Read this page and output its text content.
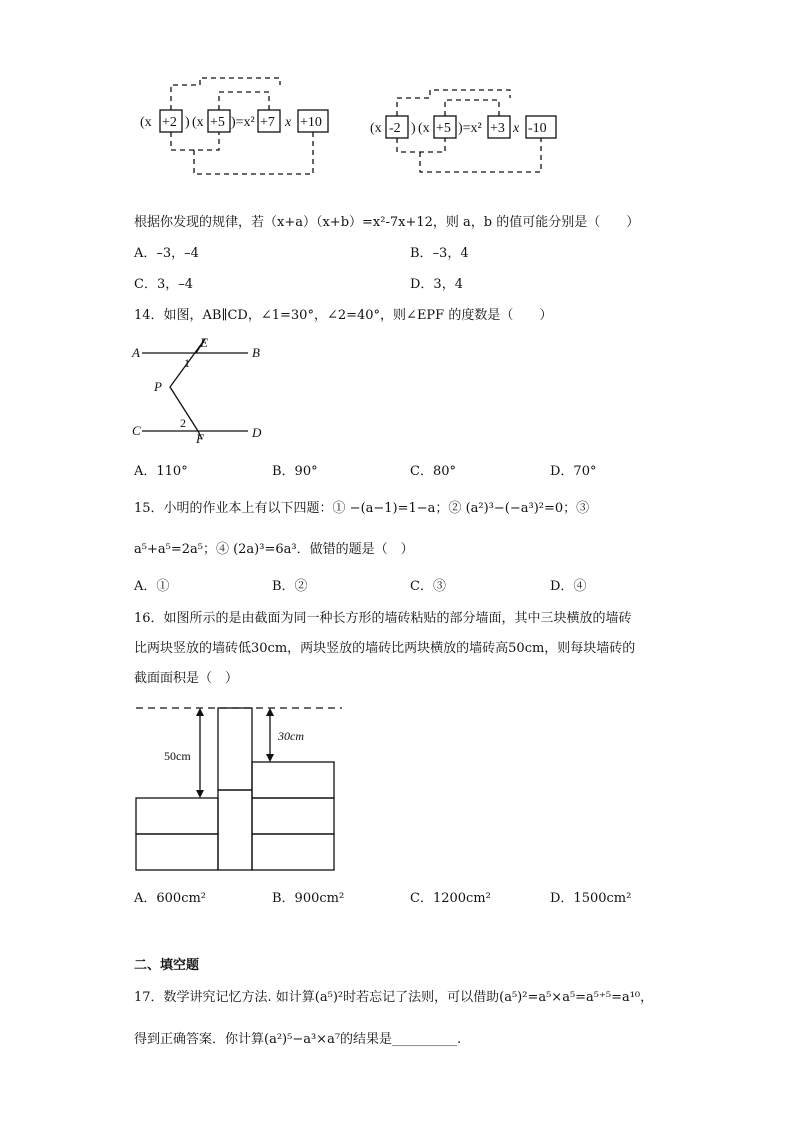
(x +2 ) (x +5 )=x² +7 x +10	(x -2 ) (x +5 )=x² +3 x -10
根据你发现的规律，若（x+a）（x+b）=x²-7x+12，则 a，b 的值可能分别是（　　）
A．–3，–4	B．–3，4
C．3，–4	D．3，4
14．如图，AB∥CD，∠1=30°，∠2=40°，则∠EPF 的度数是（　　）
A
E
B
1
P
2
C
F	D
A．110°	B．90°	C．80°	D．70°
15．小明的作业本上有以下四题：① −(a−1)=1−a；② (a²)³−(−a³)²=0；③
a⁵+a⁵=2a⁵；④ (2a)³=6a³．做错的题是（　）
A．①	B．②	C．③	D．④
16．如图所示的是由截面为同一种长方形的墙砖粘贴的部分墙面，其中三块横放的墙砖
比两块竖放的墙砖低30cm，两块竖放的墙砖比两块横放的墙砖高50cm，则每块墙砖的
截面面积是（　）
50cm
30cm
A．600cm²	B．900cm²	C．1200cm²	D．1500cm²
二、填空题
17．数学讲究记忆方法. 如计算(a⁵)²时若忘记了法则，可以借助(a⁵)²=a⁵×a⁵=a⁵⁺⁵=a¹⁰，
得到正确答案．你计算(a²)⁵−a³×a⁷的结果是__________.
